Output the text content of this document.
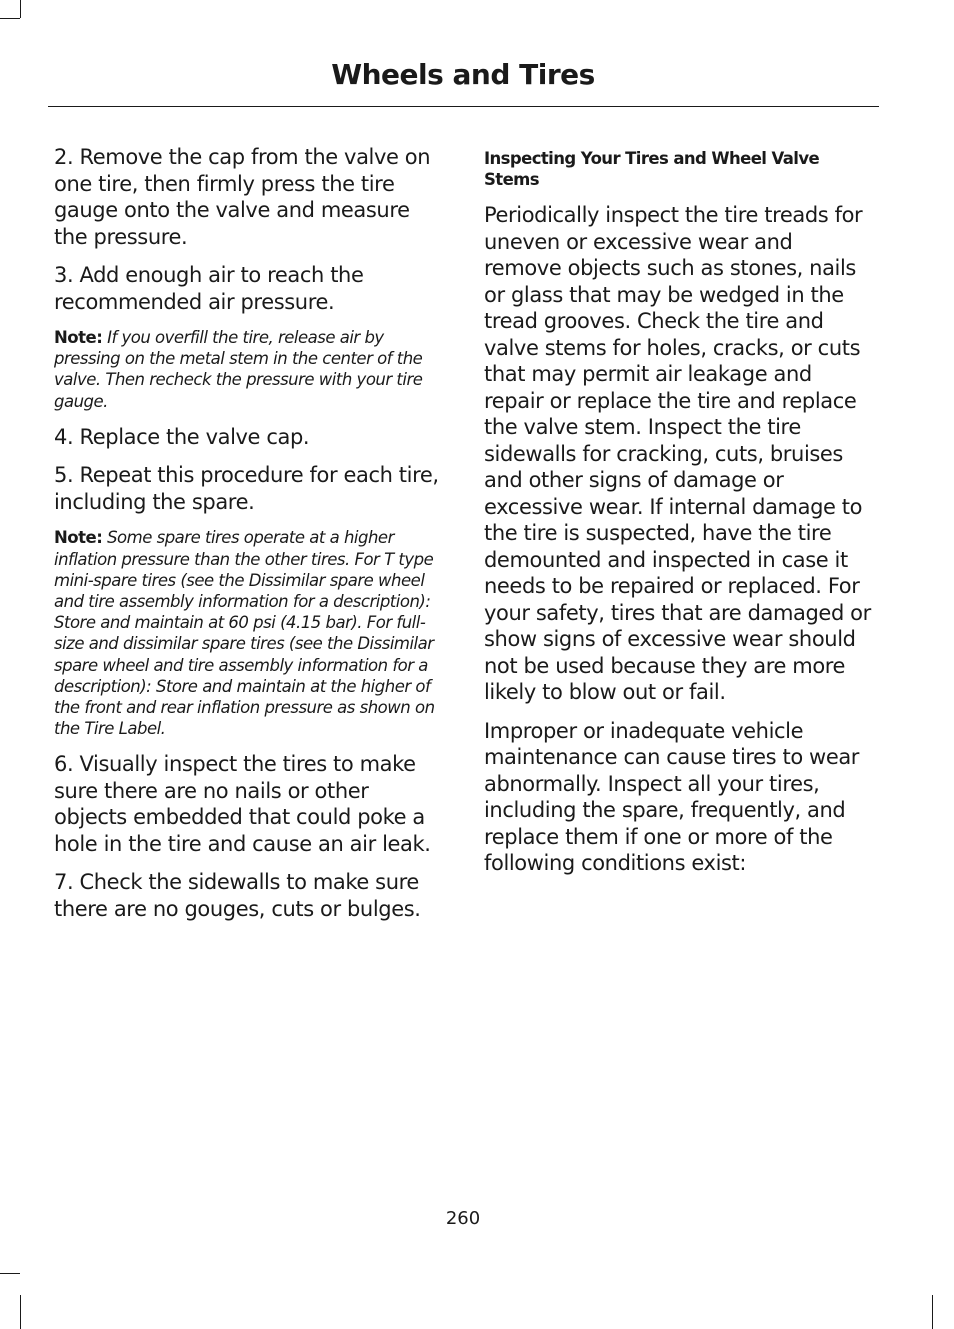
Wheels and Tires

2. Remove the cap from the valve on one tire, then firmly press the tire gauge onto the valve and measure the pressure.

3. Add enough air to reach the recommended air pressure.

Note: If you overfill the tire, release air by pressing on the metal stem in the center of the valve. Then recheck the pressure with your tire gauge.

4. Replace the valve cap.

5. Repeat this procedure for each tire, including the spare.

Note: Some spare tires operate at a higher inflation pressure than the other tires. For T type mini-spare tires (see the Dissimilar spare wheel and tire assembly information for a description): Store and maintain at 60 psi (4.15 bar). For full-size and dissimilar spare tires (see the Dissimilar spare wheel and tire assembly information for a description): Store and maintain at the higher of the front and rear inflation pressure as shown on the Tire Label.

6. Visually inspect the tires to make sure there are no nails or other objects embedded that could poke a hole in the tire and cause an air leak.

7. Check the sidewalls to make sure there are no gouges, cuts or bulges.

Inspecting Your Tires and Wheel Valve Stems

Periodically inspect the tire treads for uneven or excessive wear and remove objects such as stones, nails or glass that may be wedged in the tread grooves. Check the tire and valve stems for holes, cracks, or cuts that may permit air leakage and repair or replace the tire and replace the valve stem. Inspect the tire sidewalls for cracking, cuts, bruises and other signs of damage or excessive wear. If internal damage to the tire is suspected, have the tire demounted and inspected in case it needs to be repaired or replaced. For your safety, tires that are damaged or show signs of excessive wear should not be used because they are more likely to blow out or fail.

Improper or inadequate vehicle maintenance can cause tires to wear abnormally. Inspect all your tires, including the spare, frequently, and replace them if one or more of the following conditions exist:

260
